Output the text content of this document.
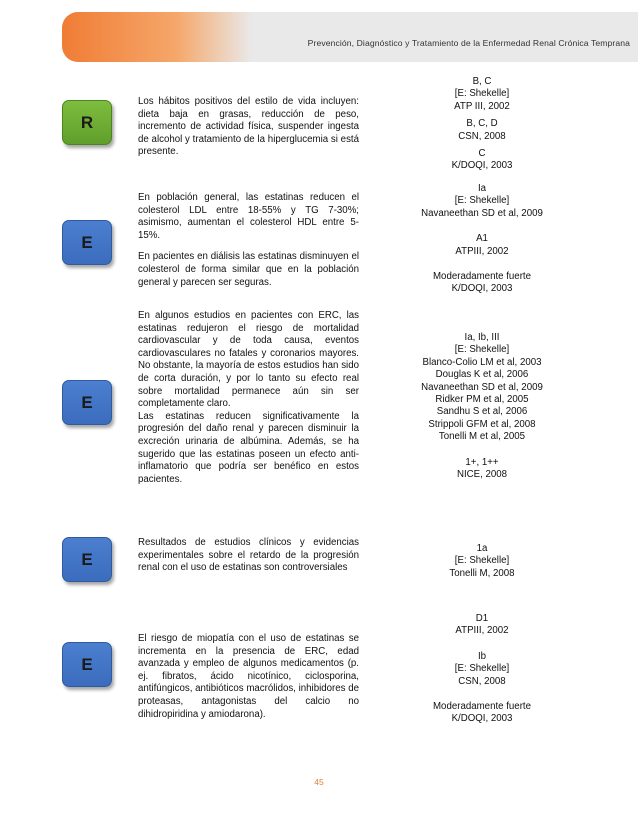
Prevención, Diagnóstico y Tratamiento de la Enfermedad Renal Crónica Temprana
R

Los hábitos positivos del estilo de vida incluyen: dieta baja en grasas, reducción de peso, incremento de actividad física, suspender ingesta de alcohol y tratamiento de la hiperglucemia si está presente.

B, C
[E: Shekelle]
ATP III, 2002
B, C, D
CSN, 2008
C
K/DOQI, 2003
E

En población general, las estatinas reducen el colesterol LDL entre 18-55% y TG 7-30%; asimismo, aumentan el colesterol HDL entre 5-15%.

En pacientes en diálisis las estatinas disminuyen el colesterol de forma similar que en la población general y parecen ser seguras.

Ia
[E: Shekelle]
Navaneethan SD et al, 2009
A1
ATPIII, 2002
Moderadamente fuerte
K/DOQI, 2003
E

En algunos estudios en pacientes con ERC, las estatinas redujeron el riesgo de mortalidad cardiovascular y de toda causa, eventos cardiovasculares no fatales y coronarios mayores. No obstante, la mayoría de estos estudios han sido de corta duración, y por lo tanto su efecto real sobre mortalidad permanece aún sin ser completamente claro.

Las estatinas reducen significativamente la progresión del daño renal y parecen disminuir la excreción urinaria de albúmina. Además, se ha sugerido que las estatinas poseen un efecto anti-inflamatorio que podría ser benéfico en estos pacientes.

Ia, Ib, III
[E: Shekelle]
Blanco-Colio LM et al, 2003
Douglas K et al, 2006
Navaneethan SD et al, 2009
Ridker PM et al, 2005
Sandhu S et al, 2006
Strippoli GFM et al, 2008
Tonelli M et al, 2005
1+, 1++
NICE, 2008
E

Resultados de estudios clínicos y evidencias experimentales sobre el retardo de la progresión renal con el uso de estatinas son controversiales

1a
[E: Shekelle]
Tonelli M, 2008
E

El riesgo de miopatía con el uso de estatinas se incrementa en la presencia de ERC, edad avanzada y empleo de algunos medicamentos (p. ej. fibratos, ácido nicotínico, ciclosporina, antifúngicos, antibióticos macrólidos, inhibidores de proteasas, antagonistas del calcio no dihidropiridina y amiodarona).

D1
ATPIII, 2002
Ib
[E: Shekelle]
CSN, 2008
Moderadamente fuerte
K/DOQI, 2003
45
